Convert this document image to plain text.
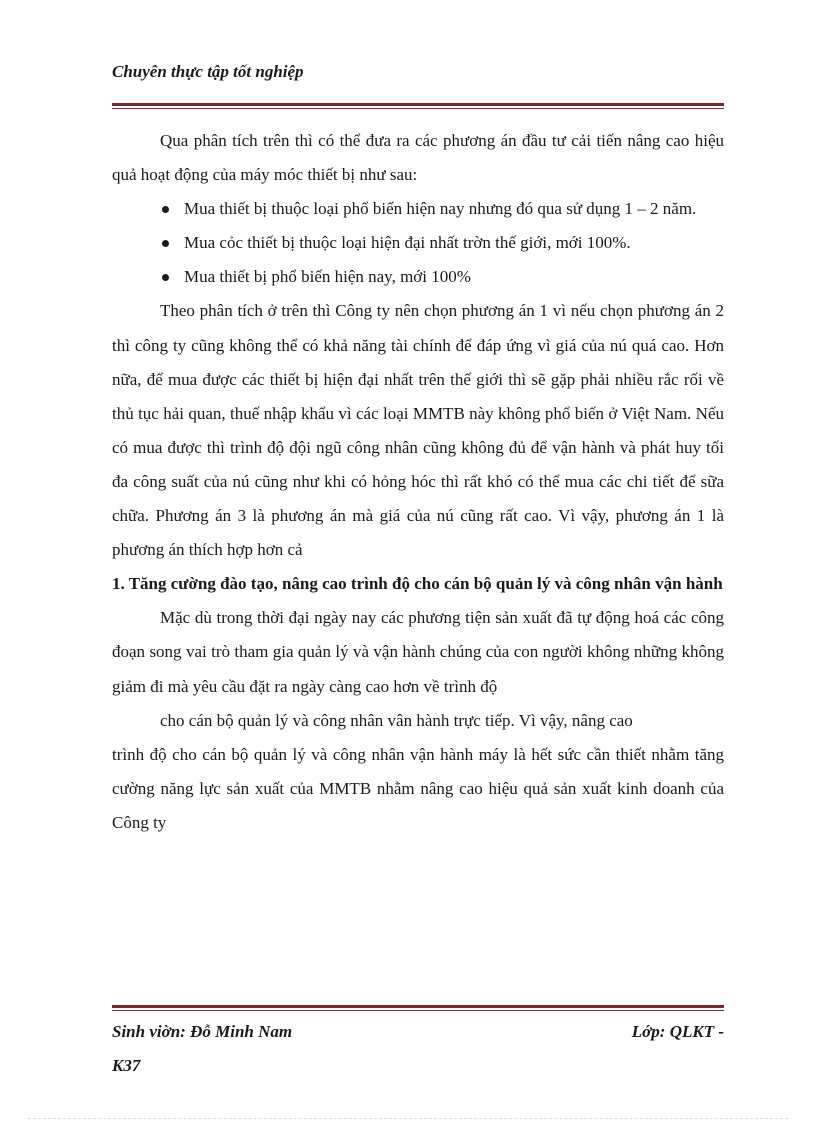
Chuyên thực tập tốt nghiệp

Qua phân tích trên thì có thể đưa ra các phương án đầu tư cải tiến nâng cao hiệu quả hoạt động của máy móc thiết bị như sau:

Mua thiết bị thuộc loại phổ biến hiện nay nhưng đó qua sử dụng 1 – 2 năm.
Mua cỏc thiết bị thuộc loại hiện đại nhất trờn thế giới, mới 100%.
Mua thiết bị phổ biến hiện nay, mới 100%

Theo phân tích ở trên thì Công ty nên chọn phương án 1 vì nếu chọn phương án 2 thì công ty cũng không thể có khả năng tài chính để đáp ứng vì giá của nú quá cao. Hơn nữa, để mua được các thiết bị hiện đại nhất trên thế giới thì sẽ gặp phải nhiều rắc rối về thủ tục hải quan, thuế nhập khẩu vì các loại MMTB này không phổ biến ở Việt Nam. Nếu có mua được thì trình độ đội ngũ công nhân cũng không đủ để vận hành và phát huy tối đa công suất của nú cũng như khi có hỏng hóc thì rất khó có thể mua các chi tiết để sữa chữa. Phương án 3 là phương án mà giá của nú cũng rất cao. Vì vậy, phương án 1 là phương án thích hợp hơn cả

1. Tăng cường đào tạo, nâng cao trình độ cho cán bộ quản lý và công nhân vận hành

Mặc dù trong thời đại ngày nay các phương tiện sản xuất đã tự động hoá các công đoạn song vai trò tham gia quản lý và vận hành chúng của con người không những không giảm đi mà yêu cầu đặt ra ngày càng cao hơn về trình độ

cho cán bộ quản lý và công nhân vân hành trực tiếp. Vì vậy, nâng cao

trình độ cho cán bộ quản lý và công nhân vận hành máy là hết sức cần thiết nhằm tăng cường năng lực sản xuất của MMTB nhằm nâng cao hiệu quả sản xuất kinh doanh của Công ty

Sinh viờn: Đỗ Minh Nam	Lớp: QLKT -
K37
